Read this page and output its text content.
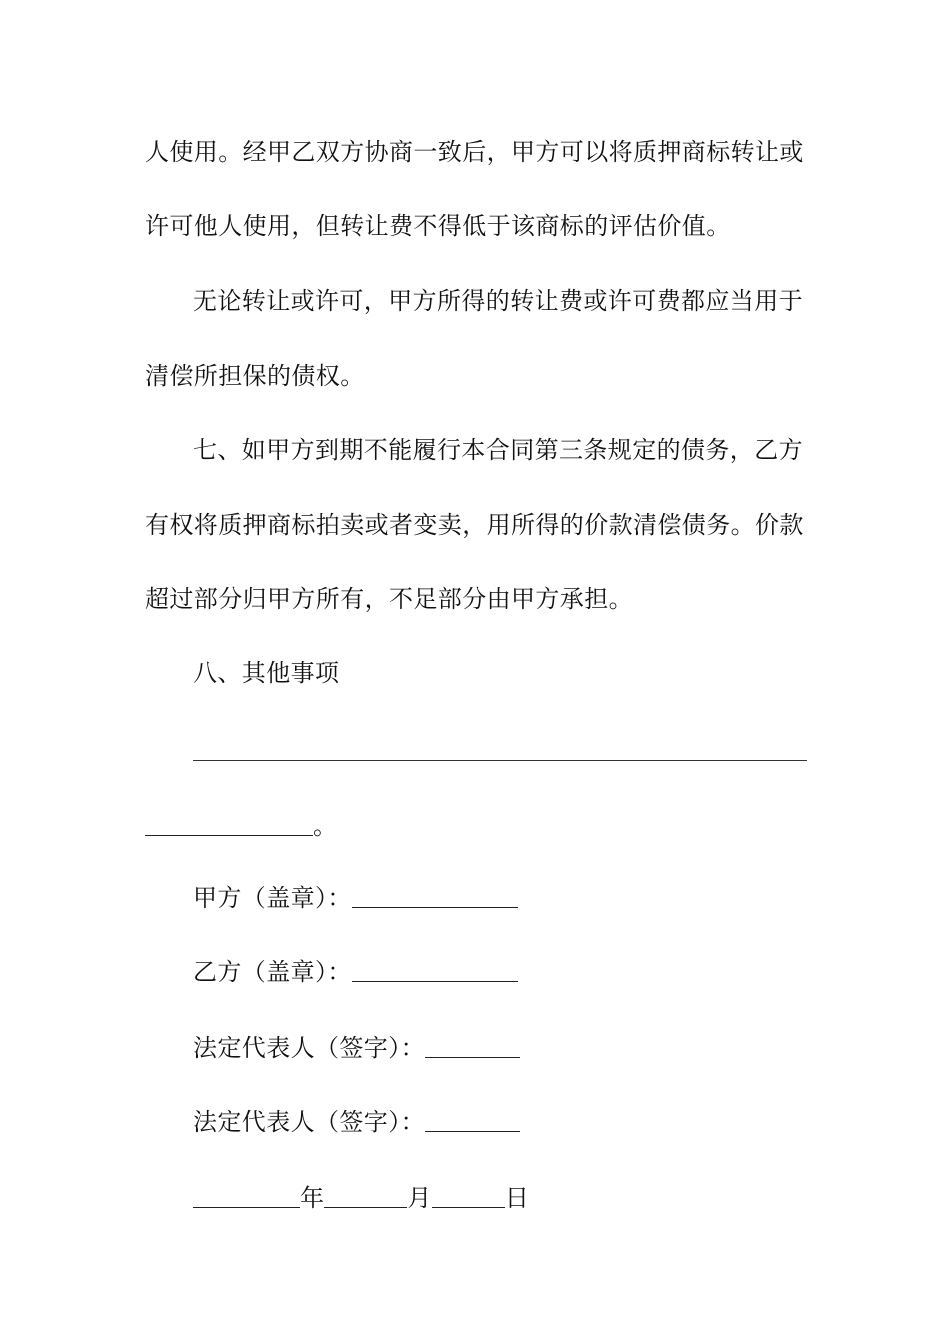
人使用。经甲乙双方协商一致后，甲方可以将质押商标转让或
许可他人使用，但转让费不得低于该商标的评估价值。
无论转让或许可，甲方所得的转让费或许可费都应当用于
清偿所担保的债权。
七、如甲方到期不能履行本合同第三条规定的债务，乙方
有权将质押商标拍卖或者变卖，用所得的价款清偿债务。价款
超过部分归甲方所有，不足部分由甲方承担。
八、其他事项
。
甲方（盖章）：
乙方（盖章）：
法定代表人（签字）：
法定代表人（签字）：
年	月	日
